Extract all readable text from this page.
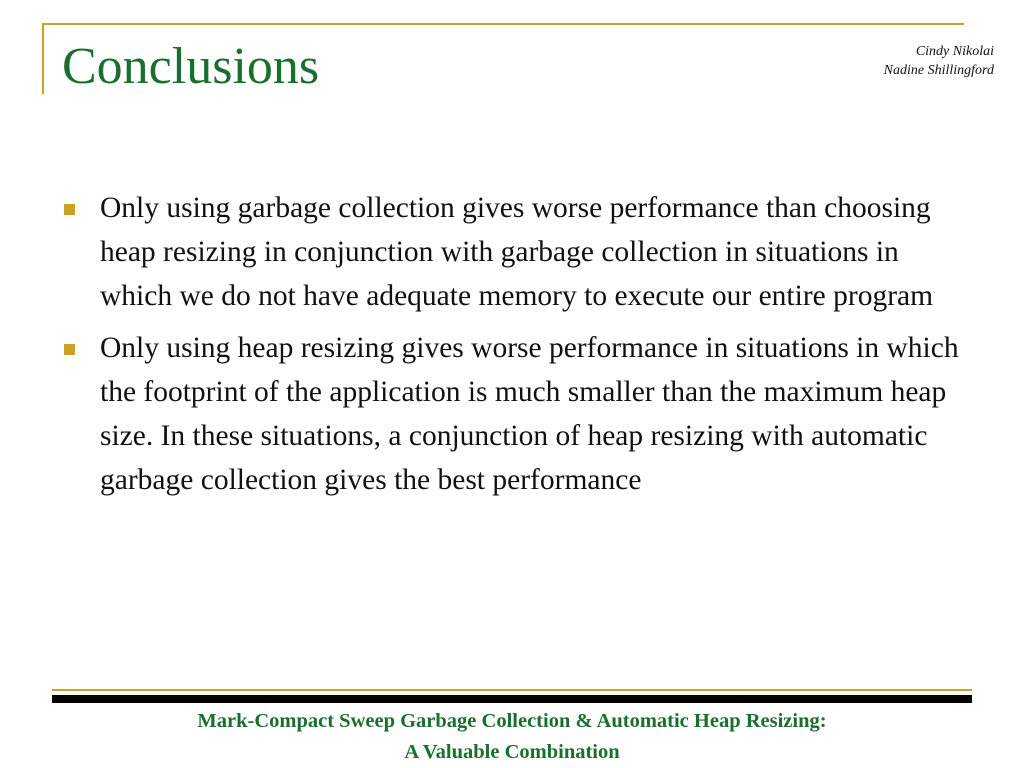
Conclusions	Cindy Nikolai
Nadine Shillingford
Only using garbage collection gives worse performance than choosing heap resizing in conjunction with garbage collection in situations in which we do not have adequate memory to execute our entire program
Only using heap resizing gives worse performance in situations in which the footprint of the application is much smaller than the maximum heap size. In these situations, a conjunction of heap resizing with automatic garbage collection gives the best performance
Mark-Compact Sweep Garbage Collection & Automatic Heap Resizing:
A Valuable Combination
